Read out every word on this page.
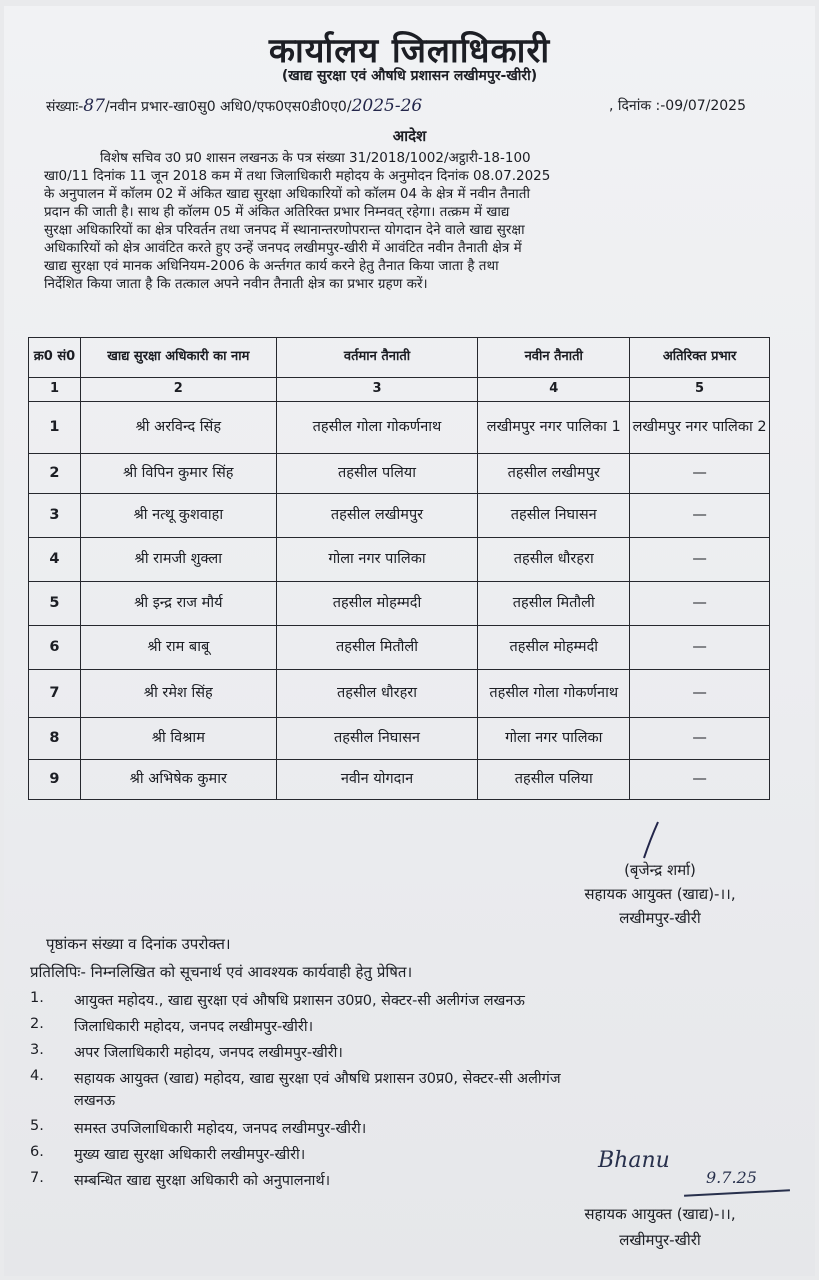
कार्यालय जिलाधिकारी
(खाद्य सुरक्षा एवं औषधि प्रशासन लखीमपुर-खीरी)
संख्याः-87/नवीन प्रभार-खा0सु0 अधि0/एफ0एस0डी0ए0/2025-26	, दिनांक :-09/07/2025
आदेश
विशेष सचिव उ0 प्र0 शासन लखनऊ के पत्र संख्या 31/2018/1002/अट्ठारी-18-100
खा0/11 दिनांक 11 जून 2018 कम में तथा जिलाधिकारी महोदय के अनुमोदन दिनांक 08.07.2025
के अनुपालन में कॉलम 02 में अंकित खाद्य सुरक्षा अधिकारियों को कॉलम 04 के क्षेत्र में नवीन तैनाती
प्रदान की जाती है। साथ ही कॉलम 05 में अंकित अतिरिक्त प्रभार निम्नवत् रहेगा। तत्क्रम में खाद्य
सुरक्षा अधिकारियों का क्षेत्र परिवर्तन तथा जनपद में स्थानान्तरणोपरान्त योगदान देने वाले खाद्य सुरक्षा
अधिकारियों को क्षेत्र आवंटित करते हुए उन्हें जनपद लखीमपुर-खीरी में आवंटित नवीन तैनाती क्षेत्र में
खाद्य सुरक्षा एवं मानक अधिनियम-2006 के अर्न्तगत कार्य करने हेतु तैनात किया जाता है तथा
निर्देशित किया जाता है कि तत्काल अपने नवीन तैनाती क्षेत्र का प्रभार ग्रहण करें।
क्र0 सं0	खाद्य सुरक्षा अधिकारी का नाम	वर्तमान तैनाती	नवीन तैनाती	अतिरिक्त प्रभार
1	2	3	4	5
1	श्री अरविन्द सिंह	तहसील गोला गोकर्णनाथ	लखीमपुर नगर पालिका 1	लखीमपुर नगर पालिका 2
2	श्री विपिन कुमार सिंह	तहसील पलिया	तहसील लखीमपुर	—
3	श्री नत्थू कुशवाहा	तहसील लखीमपुर	तहसील निघासन	—
4	श्री रामजी शुक्ला	गोला नगर पालिका	तहसील धौरहरा	—
5	श्री इन्द्र राज मौर्य	तहसील मोहम्मदी	तहसील मितौली	—
6	श्री राम बाबू	तहसील मितौली	तहसील मोहम्मदी	—
7	श्री रमेश सिंह	तहसील धौरहरा	तहसील गोला गोकर्णनाथ	—
8	श्री विश्राम	तहसील निघासन	गोला नगर पालिका	—
9	श्री अभिषेक कुमार	नवीन योगदान	तहसील पलिया	—
(बृजेन्द्र शर्मा)
सहायक आयुक्त (खाद्य)-।।,
लखीमपुर-खीरी
पृष्ठांकन संख्या व दिनांक उपरोक्त।
प्रतिलिपिः- निम्नलिखित को सूचनार्थ एवं आवश्यक कार्यवाही हेतु प्रेषित।
1. आयुक्त महोदय., खाद्य सुरक्षा एवं औषधि प्रशासन उ0प्र0, सेक्टर-सी अलीगंज लखनऊ
2. जिलाधिकारी महोदय, जनपद लखीमपुर-खीरी।
3. अपर जिलाधिकारी महोदय, जनपद लखीमपुर-खीरी।
4. सहायक आयुक्त (खाद्य) महोदय, खाद्य सुरक्षा एवं औषधि प्रशासन उ0प्र0, सेक्टर-सी अलीगंज
लखनऊ
5. समस्त उपजिलाधिकारी महोदय, जनपद लखीमपुर-खीरी।
6. मुख्य खाद्य सुरक्षा अधिकारी लखीमपुर-खीरी।
7. सम्बन्धित खाद्य सुरक्षा अधिकारी को अनुपालनार्थ।
Bhanu
9.7.25
सहायक आयुक्त (खाद्य)-।।,
लखीमपुर-खीरी
